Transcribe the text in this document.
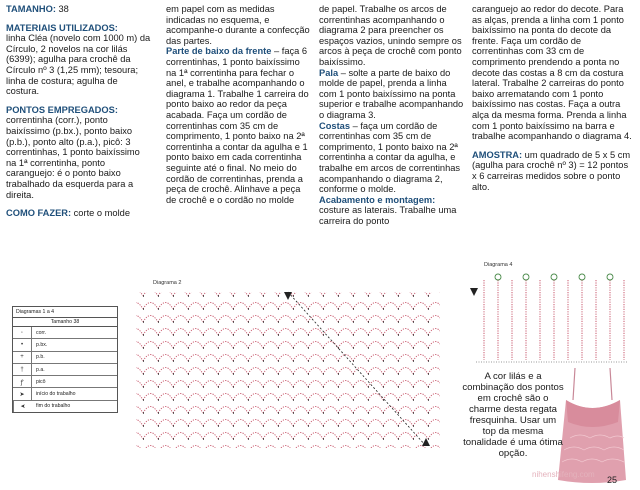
TAMANHO: 38

MATERIAIS UTILIZADOS:

linha Cléa (novelo com 1000 m) da Círculo, 2 novelos na cor lilás (6399); agulha para crochê da Círculo nº 3 (1,25 mm); tesoura; linha de costura; agulha de costura.

PONTOS EMPREGADOS:

correntinha (corr.), ponto baixíssimo (p.bx.), ponto baixo (p.b.), ponto alto (p.a.), picô: 3 correntinhas, 1 ponto baixíssimo na 1ª correntinha, ponto caranguejo: é o ponto baixo trabalhado da esquerda para a direita.

COMO FAZER: corte o molde

em papel com as medidas indicadas no esquema, e acompanhe-o durante a confecção das partes.

Parte de baixo da frente – faça 6 correntinhas, 1 ponto baixíssimo na 1ª correntinha para fechar o anel, e trabalhe acompanhando o diagrama 1. Trabalhe 1 carreira do ponto baixo ao redor da peça acabada. Faça um cordão de correntinhas com 35 cm de comprimento, 1 ponto baixo na 2ª correntinha a contar da agulha e 1 ponto baixo em cada correntinha seguinte até o final. No meio do cordão de correntinhas, prenda a peça de crochê. Alinhave a peça de crochê e o cordão no molde

de papel. Trabalhe os arcos de correntinhas acompanhando o diagrama 2 para preencher os espaços vazios, unindo sempre os arcos à peça de crochê com ponto baixíssimo.

Pala – solte a parte de baixo do molde de papel, prenda a linha com 1 ponto baixíssimo na ponta superior e trabalhe acompanhando o diagrama 3.

Costas – faça um cordão de correntinhas com 35 cm de comprimento, 1 ponto baixo na 2ª correntinha a contar da agulha, e trabalhe em arcos de correntinhas acompanhando o diagrama 2, conforme o molde.

Acabamento e montagem: costure as laterais. Trabalhe uma carreira do ponto

caranguejo ao redor do decote. Para as alças, prenda a linha com 1 ponto baixíssimo na ponta do decote da frente. Faça um cordão de correntinhas com 33 cm de comprimento prendendo a ponta no decote das costas a 8 cm da costura lateral. Trabalhe 2 carreiras do ponto baixo arrematando com 1 ponto baixíssimo nas costas. Faça a outra alça da mesma forma. Prenda a linha com 1 ponto baixíssimo na barra e trabalhe acompanhando o diagrama 4.

AMOSTRA: um quadrado de 5 x 5 cm (agulha para crochê nº 3) = 12 pontos x 6 carreiras medidos sobre o ponto alto.

Diagramas 1 a 4
Tamanho 38
◦	corr.
•	p.bx.
+	p.b.
†	p.a.
ꝭ	picô
➤	início do trabalho
➤	fim do trabalho
Diagrama 2
Diagrama 4
A cor lilás e a combinação dos pontos em crochê são o charme desta regata fresquinha. Usar um top da mesma tonalidade é uma ótima opção.
nihenshifeng.com
25
